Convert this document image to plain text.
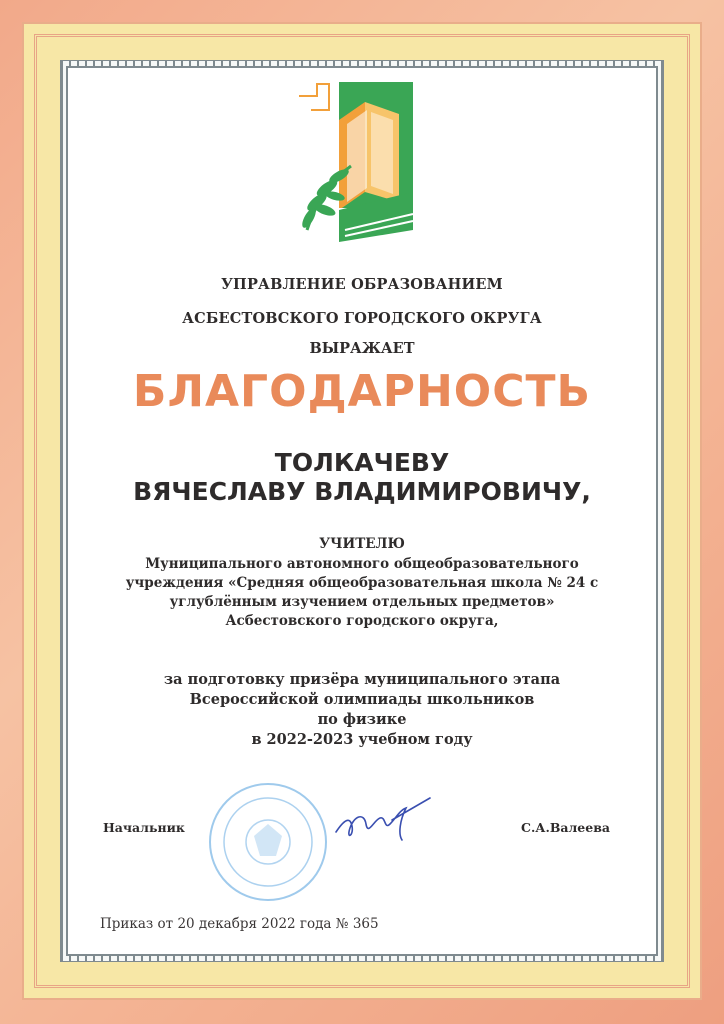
УПРАВЛЕНИЕ ОБРАЗОВАНИЕМ
АСБЕСТОВСКОГО ГОРОДСКОГО ОКРУГА
ВЫРАЖАЕТ
БЛАГОДАРНОСТЬ
ТОЛКАЧЕВУ
ВЯЧЕСЛАВУ ВЛАДИМИРОВИЧУ,
УЧИТЕЛЮ
Муниципального автономного общеобразовательного
учреждения «Средняя общеобразовательная школа № 24 с
углублённым изучением отдельных предметов»
Асбестовского городского округа,
за подготовку призёра муниципального этапа
Всероссийской олимпиады школьников
по физике
в 2022-2023 учебном году
Начальник	С.А.Валеева
Приказ от 20 декабря 2022 года № 365
